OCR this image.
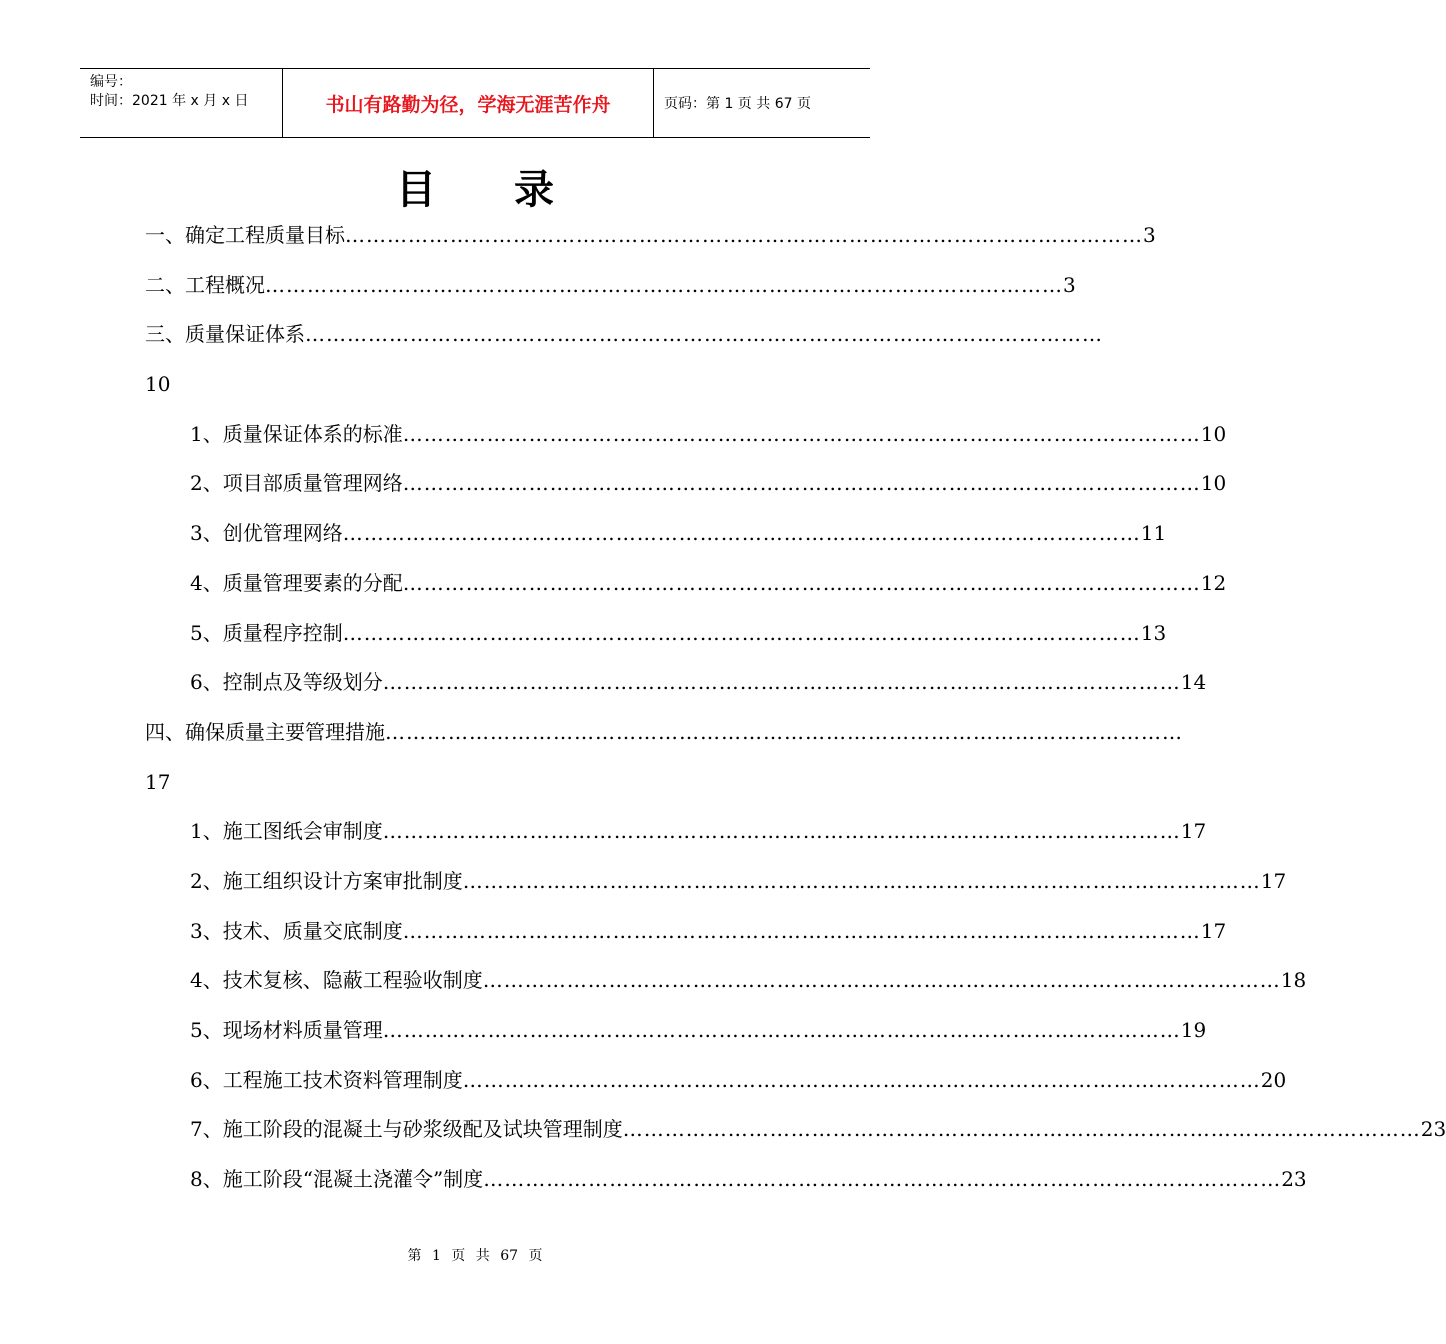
编号：
时间：2021 年 x 月 x 日	书山有路勤为径，学海无涯苦作舟	页码：第 1 页 共 67 页
目录
一、确定工程质量目标 …………………………………………………………………………………………………… 3
二、工程概况 …………………………………………………………………………………………………… 3
三、质量保证体系 ……………………………………………………………………………………………………
10
1、质量保证体系的标准 …………………………………………………………………………………………………… 10
2、项目部质量管理网络 …………………………………………………………………………………………………… 10
3、创优管理网络 …………………………………………………………………………………………………… 11
4、质量管理要素的分配 …………………………………………………………………………………………………… 12
5、质量程序控制 …………………………………………………………………………………………………… 13
6、控制点及等级划分 …………………………………………………………………………………………………… 14
四、确保质量主要管理措施 ……………………………………………………………………………………………………
17
1、施工图纸会审制度 …………………………………………………………………………………………………… 17
2、施工组织设计方案审批制度 …………………………………………………………………………………………………… 17
3、技术、质量交底制度 …………………………………………………………………………………………………… 17
4、技术复核、隐蔽工程验收制度 …………………………………………………………………………………………………… 18
5、现场材料质量管理 …………………………………………………………………………………………………… 19
6、工程施工技术资料管理制度 …………………………………………………………………………………………………… 20
7、施工阶段的混凝土与砂浆级配及试块管理制度 …………………………………………………………………………………………………… 23
8、施工阶段“混凝土浇灌令”制度 …………………………………………………………………………………………………… 23
第 1 页 共 67 页
